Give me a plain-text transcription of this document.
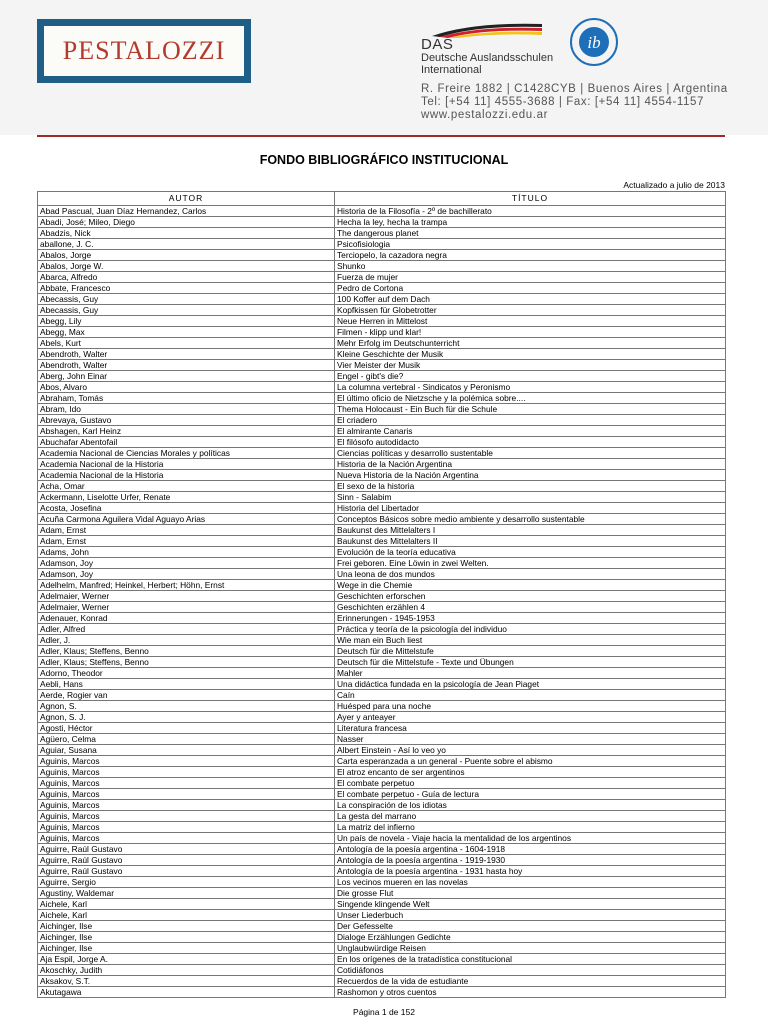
PESTALOZZI	DAS
Deutsche Auslandsschulen
International
ib
R. Freire 1882 | C1428CYB | Buenos Aires | Argentina
Tel: [+54 11] 4555-3688 | Fax: [+54 11] 4554-1157
www.pestalozzi.edu.ar
FONDO BIBLIOGRÁFICO INSTITUCIONAL
Actualizado a julio de 2013
AUTOR	TÍTULO
Abad Pascual, Juan Díaz Hernandez, Carlos	Historia de la Filosofía - 2º de bachillerato
Abadi, José; Mileo, Diego	Hecha la ley, hecha la trampa
Abadzis, Nick	The dangerous planet
aballone, J. C.	Psicofisiologia
Abalos, Jorge	Terciopelo, la cazadora negra
Abalos, Jorge W.	Shunko
Abarca, Alfredo	Fuerza de mujer
Abbate, Francesco	Pedro de Cortona
Abecassis, Guy	100 Koffer auf dem Dach
Abecassis, Guy	Kopfkissen für Globetrotter
Abegg, Lily	Neue Herren in Mittelost
Abegg, Max	Filmen - klipp und klar!
Abels, Kurt	Mehr Erfolg im Deutschunterricht
Abendroth, Walter	Kleine Geschichte der Musik
Abendroth, Walter	Vier Meister der Musik
Aberg, John Einar	Engel - gibt's die?
Abos, Alvaro	La columna vertebral - Sindicatos y Peronismo
Abraham, Tomás	El último oficio de Nietzsche y la polémica sobre....
Abram, Ido	Thema Holocaust - Ein Buch für die Schule
Abrevaya, Gustavo	El criadero
Abshagen, Karl Heinz	El almirante Canaris
Abuchafar Abentofail	El filósofo autodidacto
Academia Nacional de Ciencias Morales y políticas	Ciencias políticas y desarrollo sustentable
Academia Nacional de la Historia	Historia de la Nación Argentina
Academia Nacional de la Historia	Nueva Historia de la Nación Argentina
Acha, Omar	El sexo de la historia
Ackermann, Liselotte Urfer, Renate	Sinn - Salabim
Acosta, Josefina	Historia del Libertador
Acuña Carmona Aguilera Vidal Aguayo Arias	Conceptos Básicos sobre medio ambiente y desarrollo sustentable
Adam, Ernst	Baukunst des Mittelalters I
Adam, Ernst	Baukunst des Mittelalters II
Adams, John	Evolución de la teoría educativa
Adamson, Joy	Frei geboren. Eine Löwin in zwei Welten.
Adamson, Joy	Una leona de dos mundos
Adelhelm, Manfred; Heinkel, Herbert; Höhn, Ernst	Wege in die Chemie
Adelmaier, Werner	Geschichten erforschen
Adelmaier, Werner	Geschichten erzählen 4
Adenauer, Konrad	Erinnerungen - 1945-1953
Adler, Alfred	Práctica y teoría de la psicología del individuo
Adler, J.	Wie man ein Buch liest
Adler, Klaus; Steffens, Benno	Deutsch für die Mittelstufe
Adler, Klaus; Steffens, Benno	Deutsch für die Mittelstufe - Texte und Übungen
Adorno, Theodor	Mahler
Aebli, Hans	Una didáctica fundada en la psicología de Jean Piaget
Aerde, Rogier van	Caín
Agnon, S.	Huésped para una noche
Agnon, S. J.	Ayer y anteayer
Agosti, Héctor	Literatura francesa
Agüero, Celma	Nasser
Aguiar, Susana	Albert Einstein - Así lo veo yo
Aguinis, Marcos	Carta esperanzada a un general - Puente sobre el abismo
Aguinis, Marcos	El atroz encanto de ser argentinos
Aguinis, Marcos	El combate perpetuo
Aguinis, Marcos	El combate perpetuo - Guía de lectura
Aguinis, Marcos	La conspiración de los idiotas
Aguinis, Marcos	La gesta del marrano
Aguinis, Marcos	La matriz del infierno
Aguinis, Marcos	Un país de novela - Viaje hacia la mentalidad de los argentinos
Aguirre, Raúl Gustavo	Antología de la poesía argentina - 1604-1918
Aguirre, Raúl Gustavo	Antología de la poesía argentina - 1919-1930
Aguirre, Raúl Gustavo	Antología de la poesía argentina - 1931 hasta hoy
Aguirre, Sergio	Los vecinos mueren en las novelas
Agustiny, Waldemar	Die grosse Flut
Aichele, Karl	Singende klingende Welt
Aichele, Karl	Unser Liederbuch
Aichinger, Ilse	Der Gefesselte
Aichinger, Ilse	Dialoge Erzählungen Gedichte
Aichinger, Ilse	Unglaubwürdige Reisen
Aja Espil, Jorge A.	En los orígenes de la tratadística constitucional
Akoschky, Judith	Cotidiáfonos
Aksakov, S.T.	Recuerdos de la vida de estudiante
Akutagawa	Rashomon y otros cuentos
Página 1 de 152
